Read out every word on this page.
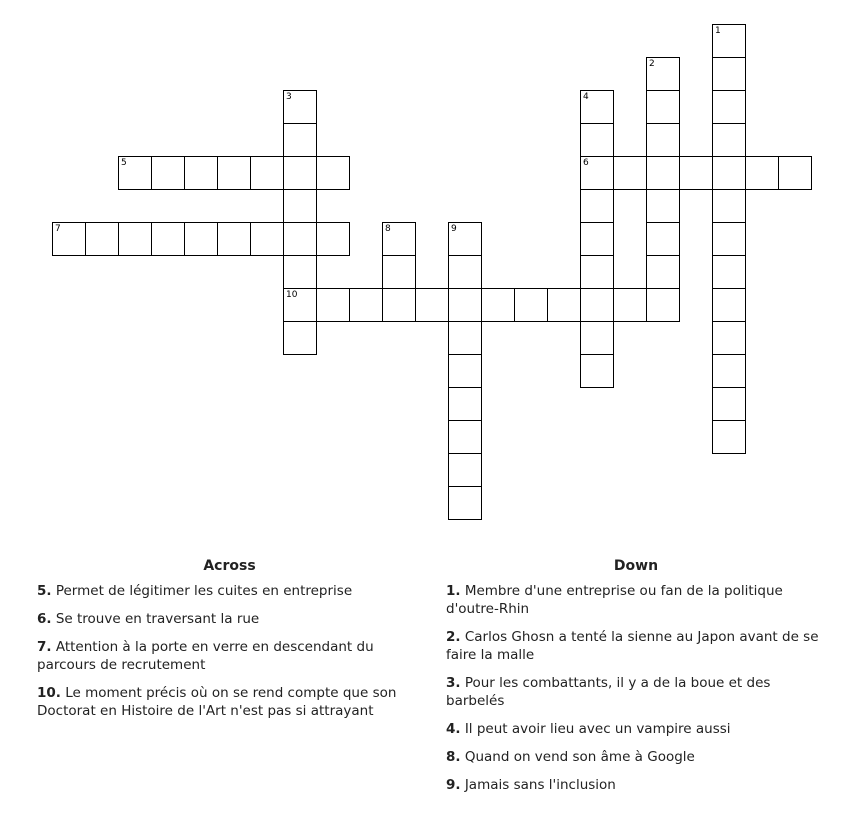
1
2
3
10
4
6
5
7	8	9
Across
5. Permet de légitimer les cuites en entreprise
6. Se trouve en traversant la rue
7. Attention à la porte en verre en descendant du parcours de recrutement
10. Le moment précis où on se rend compte que son Doctorat en Histoire de l'Art n'est pas si attrayant
Down
1. Membre d'une entreprise ou fan de la politique d'outre-Rhin
2. Carlos Ghosn a tenté la sienne au Japon avant de se faire la malle
3. Pour les combattants, il y a de la boue et des barbelés
4. Il peut avoir lieu avec un vampire aussi
8. Quand on vend son âme à Google
9. Jamais sans l'inclusion
